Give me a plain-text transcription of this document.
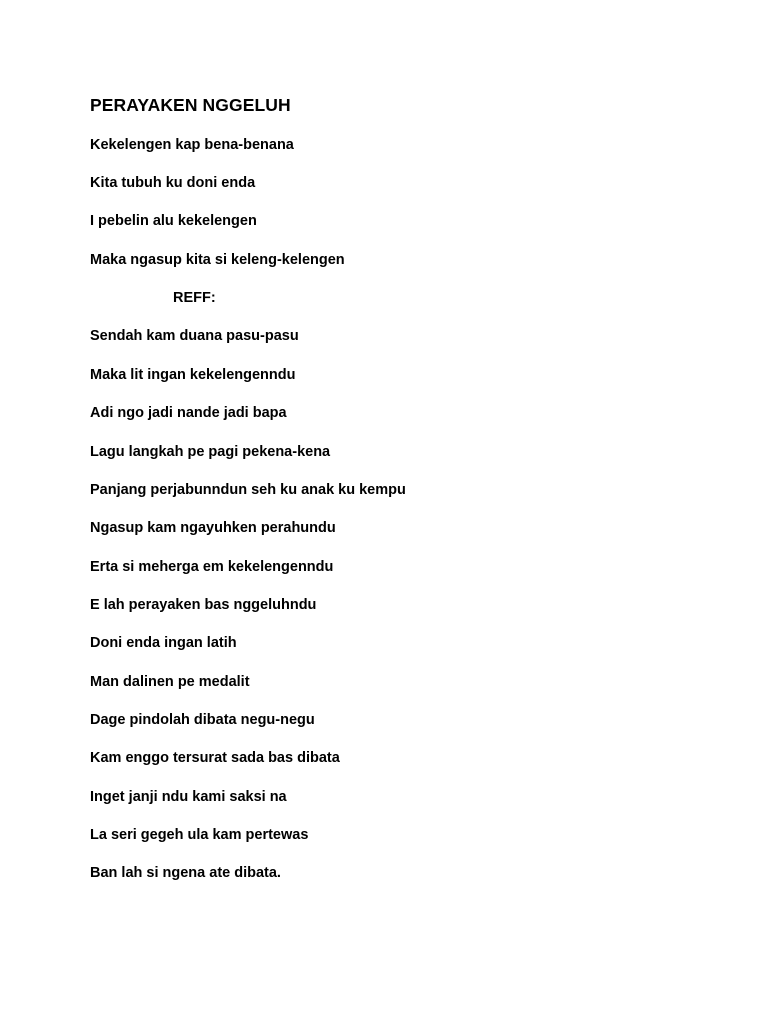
PERAYAKEN NGGELUH
Kekelengen kap bena-benana
Kita tubuh ku doni enda
I pebelin alu kekelengen
Maka ngasup kita si keleng-kelengen
REFF:
Sendah kam duana pasu-pasu
Maka lit ingan kekelengenndu
Adi ngo jadi nande jadi bapa
Lagu langkah pe pagi pekena-kena
Panjang perjabunndun seh ku anak ku kempu
Ngasup kam ngayuhken perahundu
Erta si meherga em kekelengenndu
E lah perayaken bas nggeluhndu
Doni enda ingan latih
Man dalinen pe medalit
Dage pindolah dibata negu-negu
Kam enggo tersurat sada bas dibata
Inget janji ndu kami saksi na
La seri gegeh ula kam pertewas
Ban lah si ngena ate dibata.
